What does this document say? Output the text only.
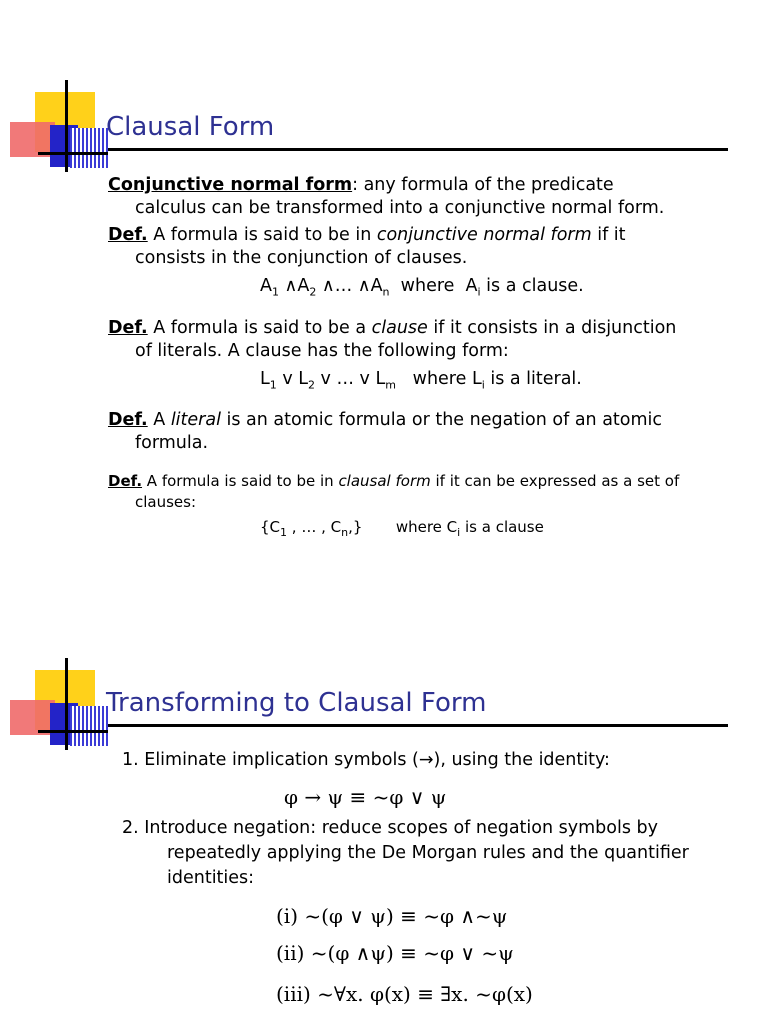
Clausal Form
Conjunctive normal form: any formula of the predicate
calculus can be transformed into a conjunctive normal form.
Def. A formula is said to be in conjunctive normal form if it
consists in the conjunction of clauses.
$A_1$ $\wedge A_2$ ∧… $\wedge A_n$ where  $A_i$ is a clause.
Def. A formula is said to be a clause if it consists in a disjunction
of literals. A clause has the following form:
$L_1$ v $L_2$ v … v $L_m$ where $L_i$ is a literal.
Def. A literal is an atomic formula or the negation of an atomic
formula.
Def. A formula is said to be in clausal form if it can be expressed as a set of
clauses:
{$C_1$ , … , $C_n$,}       where $C_i$ is a clause
Transforming to Clausal Form
1. Eliminate implication symbols (→), using the identity:
φ → ψ ≡ ~φ ∨ ψ
2. Introduce negation: reduce scopes of negation symbols by
repeatedly applying the De Morgan rules and the quantifier
identities:
(i) ~(φ ∨ ψ) ≡ ~φ ∧~ψ
(ii) ~(φ ∧ψ) ≡ ~φ ∨ ~ψ
(iii) ~∀x. φ(x) ≡ ∃x. ~φ(x)
